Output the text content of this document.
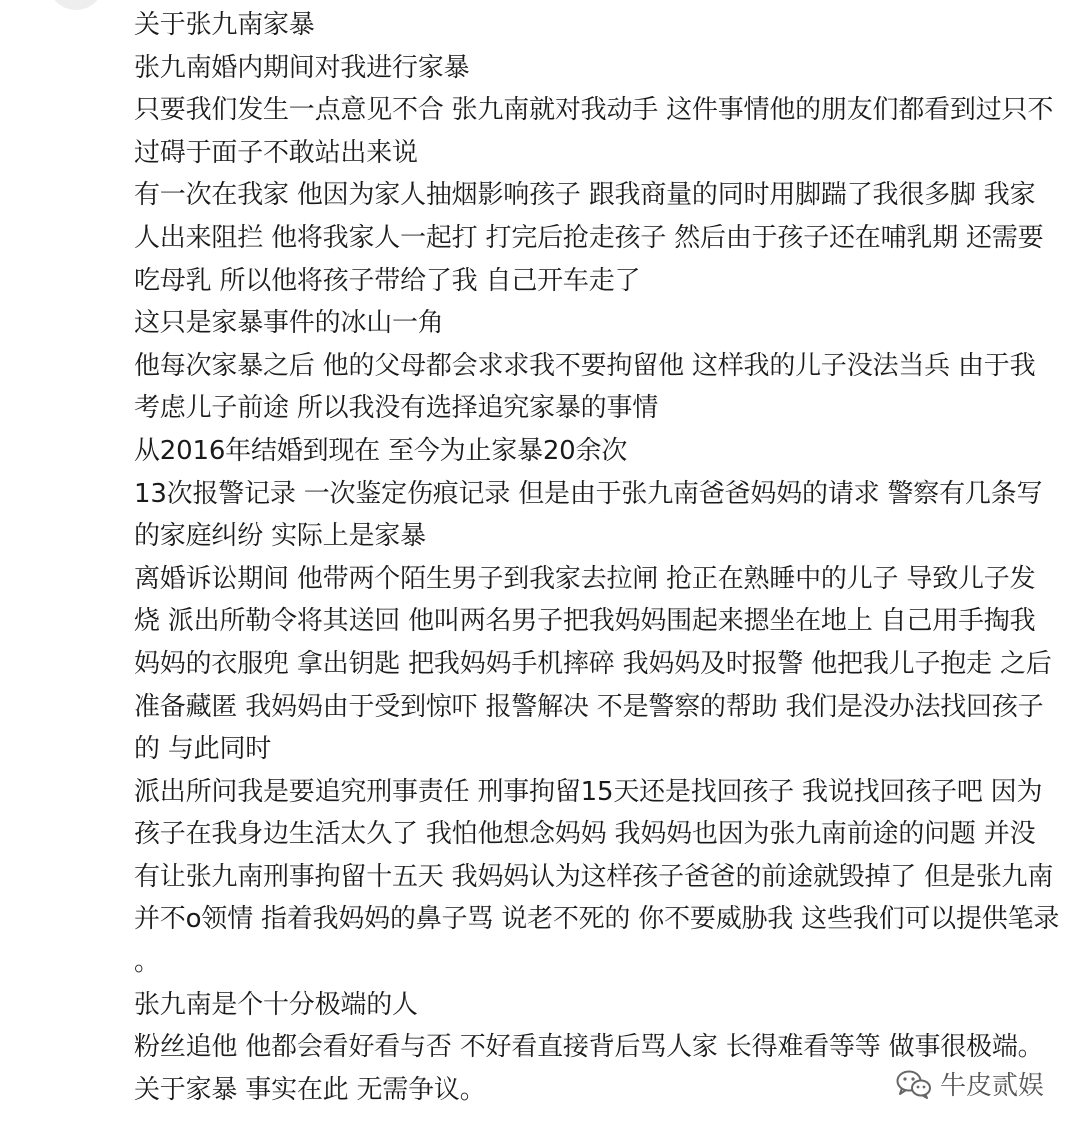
关于张九南家暴
张九南婚内期间对我进行家暴
只要我们发生一点意见不合 张九南就对我动手 这件事情他的朋友们都看到过只不
过碍于面子不敢站出来说
有一次在我家 他因为家人抽烟影响孩子 跟我商量的同时用脚踹了我很多脚 我家
人出来阻拦 他将我家人一起打 打完后抢走孩子 然后由于孩子还在哺乳期 还需要
吃母乳 所以他将孩子带给了我 自己开车走了
这只是家暴事件的冰山一角
他每次家暴之后 他的父母都会求求我不要拘留他 这样我的儿子没法当兵 由于我
考虑儿子前途 所以我没有选择追究家暴的事情
从2016年结婚到现在 至今为止家暴20余次
13次报警记录 一次鉴定伤痕记录 但是由于张九南爸爸妈妈的请求 警察有几条写
的家庭纠纷 实际上是家暴
离婚诉讼期间 他带两个陌生男子到我家去拉闸 抢正在熟睡中的儿子 导致儿子发
烧 派出所勒令将其送回 他叫两名男子把我妈妈围起来摁坐在地上 自己用手掏我
妈妈的衣服兜 拿出钥匙 把我妈妈手机摔碎 我妈妈及时报警 他把我儿子抱走 之后
准备藏匿 我妈妈由于受到惊吓 报警解决 不是警察的帮助 我们是没办法找回孩子
的 与此同时
派出所问我是要追究刑事责任 刑事拘留15天还是找回孩子 我说找回孩子吧 因为
孩子在我身边生活太久了 我怕他想念妈妈 我妈妈也因为张九南前途的问题 并没
有让张九南刑事拘留十五天 我妈妈认为这样孩子爸爸的前途就毁掉了 但是张九南
并不o领情 指着我妈妈的鼻子骂 说老不死的 你不要威胁我 这些我们可以提供笔录
。
张九南是个十分极端的人
粉丝追他 他都会看好看与否 不好看直接背后骂人家 长得难看等等 做事很极端。
关于家暴 事实在此 无需争议。	牛皮贰娱
